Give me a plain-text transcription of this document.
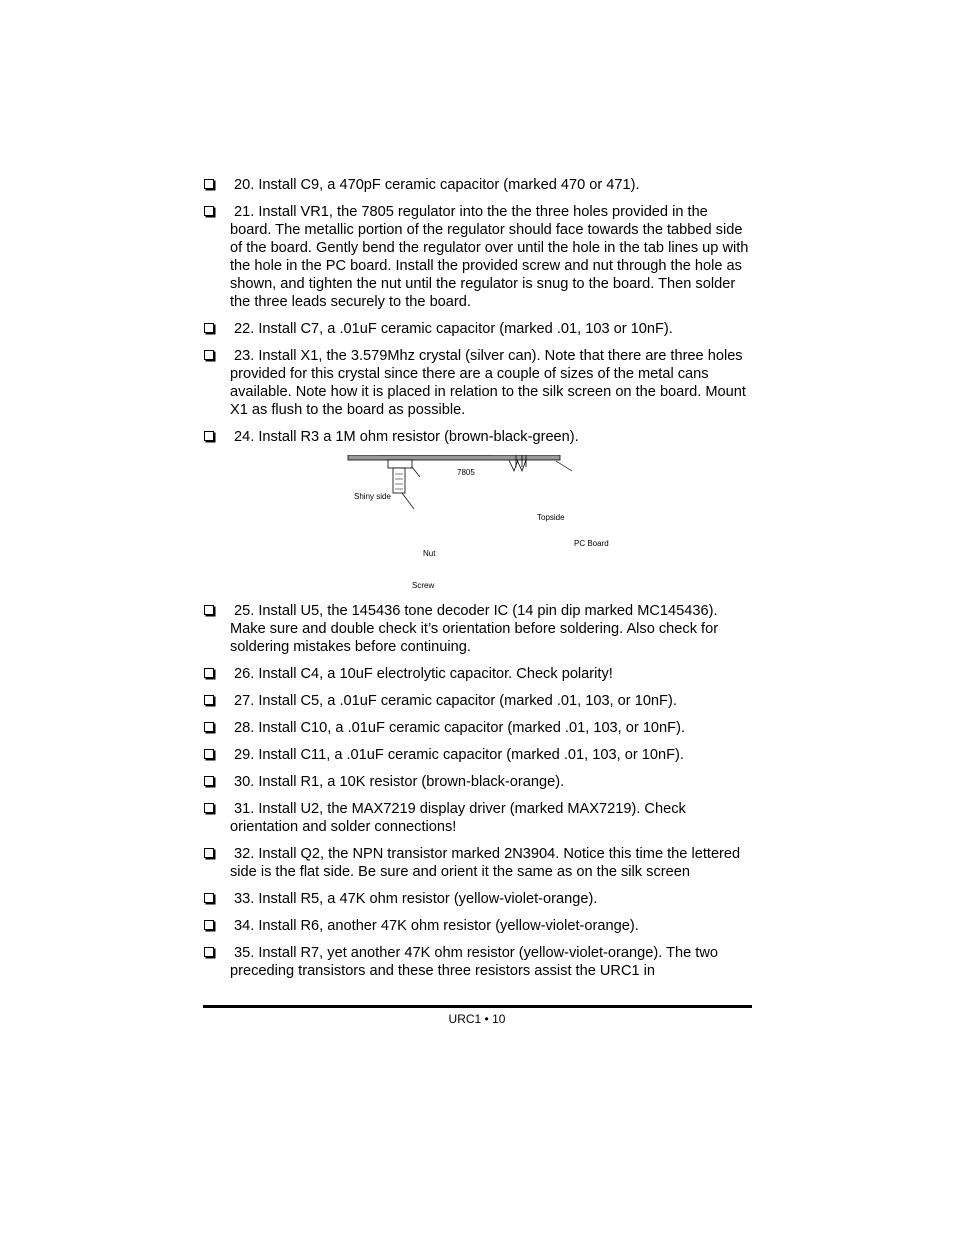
20. Install C9, a 470pF ceramic capacitor (marked 470 or 471).
21. Install VR1, the 7805 regulator into the the three holes provided in the board. The metallic portion of the regulator should face towards the tabbed side of the board. Gently bend the regulator over until the hole in the tab lines up with the hole in the PC board. Install the provided screw and nut through the hole as shown, and tighten the nut until the regulator is snug to the board. Then solder the three leads securely to the board.
22. Install C7, a .01uF ceramic capacitor (marked .01, 103 or 10nF).
23. Install X1, the 3.579Mhz crystal (silver can). Note that there are three holes provided for this crystal since there are a couple of sizes of the metal cans available. Note how it is placed in relation to the silk screen on the board. Mount X1 as flush to the board as possible.
24. Install R3 a 1M ohm resistor (brown-black-green).
7805
Shiny side
Topside
PC Board
Nut
Screw
25. Install U5, the 145436 tone decoder IC (14 pin dip marked MC145436). Make sure and double check it’s orientation before soldering. Also check for soldering mistakes before continuing.
26. Install C4, a 10uF electrolytic capacitor. Check polarity!
27. Install C5, a .01uF ceramic capacitor (marked .01, 103, or 10nF).
28. Install C10, a .01uF ceramic capacitor (marked .01, 103, or 10nF).
29. Install C11, a .01uF ceramic capacitor (marked .01, 103, or 10nF).
30. Install R1, a 10K resistor (brown-black-orange).
31. Install U2, the MAX7219 display driver (marked MAX7219). Check orientation and solder connections!
32. Install Q2, the NPN transistor marked 2N3904. Notice this time the lettered side is the flat side. Be sure and orient it the same as on the silk screen
33. Install R5, a 47K ohm resistor (yellow-violet-orange).
34. Install R6, another 47K ohm resistor (yellow-violet-orange).
35. Install R7, yet another 47K ohm resistor (yellow-violet-orange). The two preceding transistors and these three resistors assist the URC1 in
URC1 • 10
